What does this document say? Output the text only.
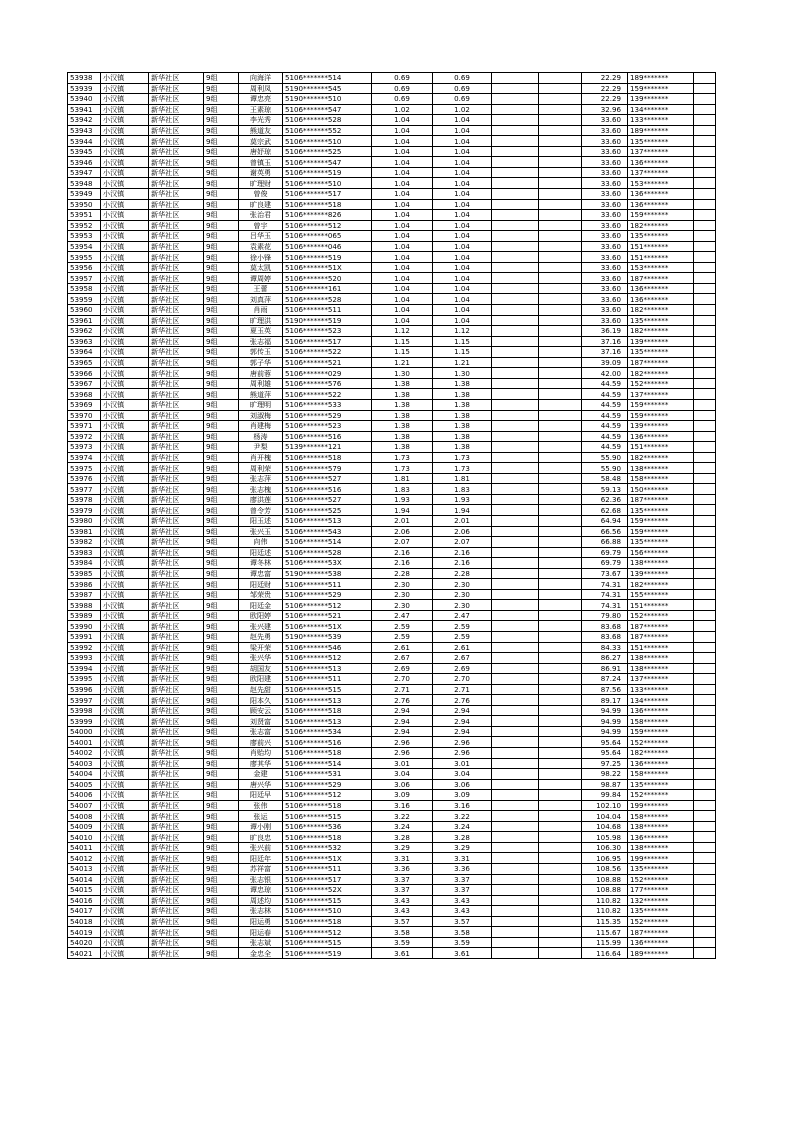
53938	小汉镇	新华社区	9组	向海洋	5106*******514	0.69	0.69			22.29	189*******	
53939	小汉镇	新华社区	9组	周利凤	5190*******545	0.69	0.69			22.29	159*******	
53940	小汉镇	新华社区	9组	谭忠亮	5190*******510	0.69	0.69			22.29	139*******	
53941	小汉镇	新华社区	9组	王素琼	5106*******547	1.02	1.02			32.96	134*******	
53942	小汉镇	新华社区	9组	李光秀	5106*******528	1.04	1.04			33.60	133*******	
53943	小汉镇	新华社区	9组	熊道友	5106*******552	1.04	1.04			33.60	189*******	
53944	小汉镇	新华社区	9组	莫宗武	5106*******510	1.04	1.04			33.60	135*******	
53945	小汉镇	新华社区	9组	唐妤琼	5106*******525	1.04	1.04			33.60	137*******	
53946	小汉镇	新华社区	9组	曾镇玉	5106*******547	1.04	1.04			33.60	136*******	
53947	小汉镇	新华社区	9组	谢英勇	5106*******519	1.04	1.04			33.60	137*******	
53948	小汉镇	新华社区	9组	旷理财	5106*******510	1.04	1.04			33.60	153*******	
53949	小汉镇	新华社区	9组	曾俊	5106*******517	1.04	1.04			33.60	136*******	
53950	小汉镇	新华社区	9组	旷良建	5106*******518	1.04	1.04			33.60	136*******	
53951	小汉镇	新华社区	9组	张治君	5106*******826	1.04	1.04			33.60	159*******	
53952	小汉镇	新华社区	9组	曾宇	5106*******512	1.04	1.04			33.60	182*******	
53953	小汉镇	新华社区	9组	吕华玉	5106*******065	1.04	1.04			33.60	135*******	
53954	小汉镇	新华社区	9组	袁素花	5106*******046	1.04	1.04			33.60	151*******	
53955	小汉镇	新华社区	9组	徐小锋	5106*******519	1.04	1.04			33.60	151*******	
53956	小汉镇	新华社区	9组	莫太凯	5106*******51X	1.04	1.04			33.60	153*******	
53957	小汉镇	新华社区	9组	谭周婷	5106*******520	1.04	1.04			33.60	187*******	
53958	小汉镇	新华社区	9组	王蕾	5106*******161	1.04	1.04			33.60	136*******	
53959	小汉镇	新华社区	9组	刘真萍	5106*******528	1.04	1.04			33.60	136*******	
53960	小汉镇	新华社区	9组	肖雨	5106*******511	1.04	1.04			33.60	182*******	
53961	小汉镇	新华社区	9组	旷理洪	5190*******519	1.04	1.04			33.60	135*******	
53962	小汉镇	新华社区	9组	夏玉英	5106*******523	1.12	1.12			36.19	182*******	
53963	小汉镇	新华社区	9组	张志福	5106*******517	1.15	1.15			37.16	139*******	
53964	小汉镇	新华社区	9组	郭传玉	5106*******522	1.15	1.15			37.16	135*******	
53965	小汉镇	新华社区	9组	郭子华	5106*******521	1.21	1.21			39.09	187*******	
53966	小汉镇	新华社区	9组	唐前蓉	5106*******029	1.30	1.30			42.00	182*******	
53967	小汉镇	新华社区	9组	周利雄	5106*******576	1.38	1.38			44.59	152*******	
53968	小汉镇	新华社区	9组	熊道萍	5106*******522	1.38	1.38			44.59	137*******	
53969	小汉镇	新华社区	9组	旷理明	5106*******533	1.38	1.38			44.59	159*******	
53970	小汉镇	新华社区	9组	刘淑梅	5106*******529	1.38	1.38			44.59	159*******	
53971	小汉镇	新华社区	9组	肖建梅	5106*******523	1.38	1.38			44.59	139*******	
53972	小汉镇	新华社区	9组	杨涛	5106*******516	1.38	1.38			44.59	136*******	
53973	小汉镇	新华社区	9组	尹梨	5139*******121	1.38	1.38			44.59	151*******	
53974	小汉镇	新华社区	9组	肖开槐	5106*******518	1.73	1.73			55.90	182*******	
53975	小汉镇	新华社区	9组	周利荣	5106*******579	1.73	1.73			55.90	138*******	
53976	小汉镇	新华社区	9组	张志萍	5106*******527	1.81	1.81			58.48	158*******	
53977	小汉镇	新华社区	9组	张志槐	5106*******516	1.83	1.83			59.13	150*******	
53978	小汉镇	新华社区	9组	廖洪莲	5106*******527	1.93	1.93			62.36	187*******	
53979	小汉镇	新华社区	9组	曾令芳	5106*******525	1.94	1.94			62.68	135*******	
53980	小汉镇	新华社区	9组	阳玉述	5106*******513	2.01	2.01			64.94	159*******	
53981	小汉镇	新华社区	9组	张兴玉	5106*******543	2.06	2.06			66.56	159*******	
53982	小汉镇	新华社区	9组	向伟	5106*******514	2.07	2.07			66.88	135*******	
53983	小汉镇	新华社区	9组	阳廷述	5106*******528	2.16	2.16			69.79	156*******	
53984	小汉镇	新华社区	9组	谭冬林	5106*******53X	2.16	2.16			69.79	138*******	
53985	小汉镇	新华社区	9组	谭忠富	5190*******538	2.28	2.28			73.67	139*******	
53986	小汉镇	新华社区	9组	阳廷财	5106*******511	2.30	2.30			74.31	182*******	
53987	小汉镇	新华社区	9组	邹荣贵	5106*******529	2.30	2.30			74.31	155*******	
53988	小汉镇	新华社区	9组	阳廷金	5106*******512	2.30	2.30			74.31	151*******	
53989	小汉镇	新华社区	9组	欧阳婷	5106*******521	2.47	2.47			79.80	152*******	
53990	小汉镇	新华社区	9组	张兴建	5106*******51X	2.59	2.59			83.68	187*******	
53991	小汉镇	新华社区	9组	赵先勇	5190*******539	2.59	2.59			83.68	187*******	
53992	小汉镇	新华社区	9组	梁开荣	5106*******546	2.61	2.61			84.33	151*******	
53993	小汉镇	新华社区	9组	张兴华	5106*******512	2.67	2.67			86.27	138*******	
53994	小汉镇	新华社区	9组	胡国友	5106*******513	2.69	2.69			86.91	138*******	
53995	小汉镇	新华社区	9组	欧阳建	5106*******511	2.70	2.70			87.24	137*******	
53996	小汉镇	新华社区	9组	赵先甜	5106*******515	2.71	2.71			87.56	133*******	
53997	小汉镇	新华社区	9组	阳本久	5106*******513	2.76	2.76			89.17	134*******	
53998	小汉镇	新华社区	9组	顾安云	5106*******518	2.94	2.94			94.99	136*******	
53999	小汉镇	新华社区	9组	刘贤富	5106*******513	2.94	2.94			94.99	158*******	
54000	小汉镇	新华社区	9组	张志富	5106*******534	2.94	2.94			94.99	159*******	
54001	小汉镇	新华社区	9组	廖前兴	5106*******516	2.96	2.96			95.64	152*******	
54002	小汉镇	新华社区	9组	肖贻均	5106*******518	2.96	2.96			95.64	182*******	
54003	小汉镇	新华社区	9组	廖其华	5106*******514	3.01	3.01			97.25	136*******	
54004	小汉镇	新华社区	9组	金建	5106*******531	3.04	3.04			98.22	158*******	
54005	小汉镇	新华社区	9组	唐兴华	5106*******529	3.06	3.06			98.87	135*******	
54006	小汉镇	新华社区	9组	阳廷早	5106*******512	3.09	3.09			99.84	152*******	
54007	小汉镇	新华社区	9组	张伟	5106*******518	3.16	3.16			102.10	199*******	
54008	小汉镇	新华社区	9组	张运	5106*******515	3.22	3.22			104.04	158*******	
54009	小汉镇	新华社区	9组	谭小刚	5106*******536	3.24	3.24			104.68	138*******	
54010	小汉镇	新华社区	9组	旷良忠	5106*******518	3.28	3.28			105.98	136*******	
54011	小汉镇	新华社区	9组	张兴前	5106*******532	3.29	3.29			106.30	138*******	
54012	小汉镇	新华社区	9组	阳廷年	5106*******51X	3.31	3.31			106.95	199*******	
54013	小汉镇	新华社区	9组	苏祥富	5106*******511	3.36	3.36			108.56	135*******	
54014	小汉镇	新华社区	9组	张志银	5106*******517	3.37	3.37			108.88	152*******	
54015	小汉镇	新华社区	9组	谭忠琼	5106*******52X	3.37	3.37			108.88	177*******	
54016	小汉镇	新华社区	9组	周述均	5106*******515	3.43	3.43			110.82	132*******	
54017	小汉镇	新华社区	9组	张志林	5106*******510	3.43	3.43			110.82	135*******	
54018	小汉镇	新华社区	9组	阳运勇	5106*******518	3.57	3.57			115.35	152*******	
54019	小汉镇	新华社区	9组	阳运春	5106*******512	3.58	3.58			115.67	187*******	
54020	小汉镇	新华社区	9组	张志斌	5106*******515	3.59	3.59			115.99	136*******	
54021	小汉镇	新华社区	9组	金忠全	5106*******519	3.61	3.61			116.64	189*******	
